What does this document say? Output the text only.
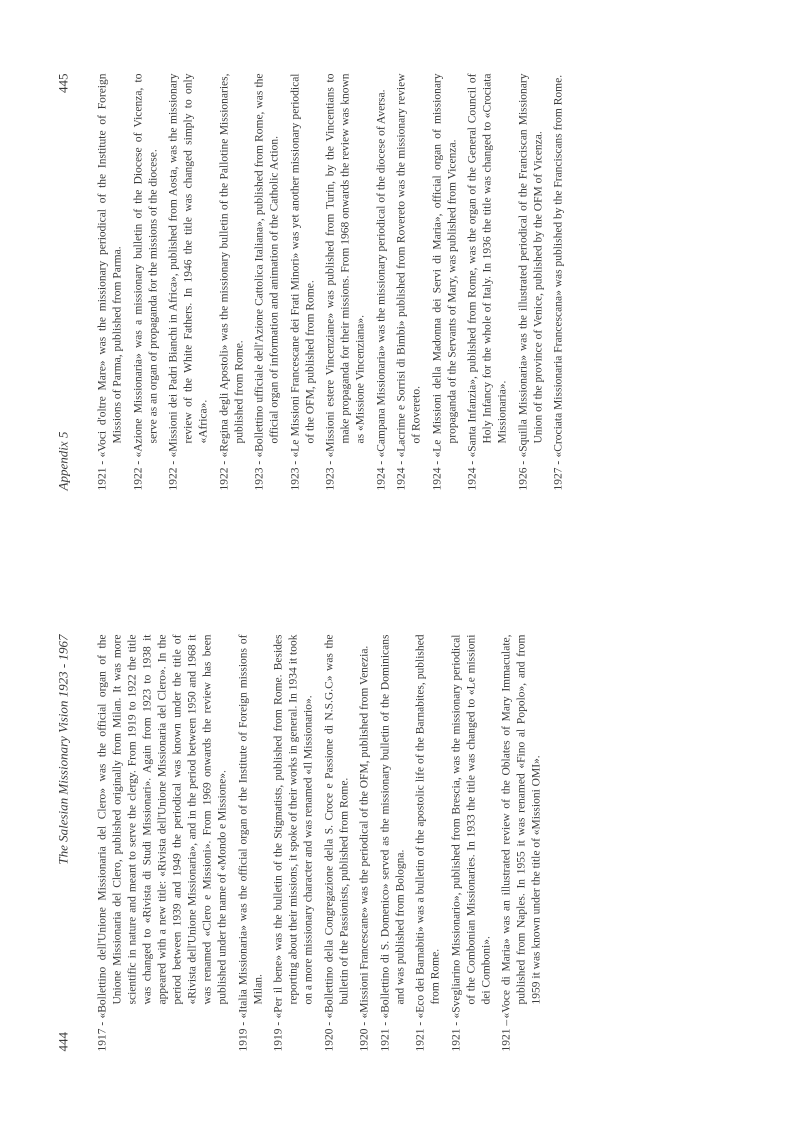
444
The Salesian Missionary Vision 1923 - 1967
1917 -
«Bollettino dell'Unione Missionaria del Clero» was the official organ of the Unione Missionaria del Clero, published originally from Milan. It was more scientific in nature and meant to serve the clergy. From 1919 to 1922 the title was changed to «Rivista di Studi Missionari». Again from 1923 to 1938 it appeared with a new title: «Rivista dell'Unione Missionaria del Clero». In the period between 1939 and 1949 the periodical was known under the title of «Rivista dell'Unione Missionaria», and in the period between 1950 and 1968 it was renamed «Clero e Missioni». From 1969 onwards the review has been published under the name of «Mondo e Missione».
1919 -
«Italia Missionaria» was the official organ of the Institute of Foreign missions of Milan.
1919 -
«Per il bene» was the bulletin of the Stigmatists, published from Rome. Besides reporting about their missions, it spoke of their works in general. In 1934 it took on a more missionary character and was renamed «Il Missionario».
1920 -
«Bollettino della Congregazione della S. Croce e Passione di N.S.G.C» was the bulletin of the Passionists, published from Rome.
1920 -
«Missioni Francescane» was the periodical of the OFM, published from Venezia.
1921 -
«Bollettino di S. Domenico» served as the missionary bulletin of the Dominicans and was published from Bologna.
1921 -
«Eco dei Barnabiti» was a bulletin of the apostolic life of the Barnabites, published from Rome.
1921 -
«Svegliarino Missionario», published from Brescia, was the missionary periodical of the Combonian Missionaries. In 1933 the title was changed to «Le missioni dei Comboni».
1921 –
«Voce di Maria» was an illustrated review of the Oblates of Mary Immaculate, published from Naples. In 1955 it was renamed «Fino al Popolo», and from 1959 it was known under the title of «Missioni OMI».
Appendix 5
445
1921 -
«Voci d'oltre Mare» was the missionary periodical of the Institute of Foreign Missions of Parma, published from Parma.
1922 -
«Azione Missionaria» was a missionary bulletin of the Diocese of Vicenza, to serve as an organ of propaganda for the missions of the diocese.
1922 -
«Missioni dei Padri Bianchi in Africa», published from Aosta, was the missionary review of the White Fathers. In 1946 the title was changed simply to only «Africa».
1922 -
«Regina degli Apostoli» was the missionary bulletin of the Pallotine Missionaries, published from Rome.
1923 -
«Bollettino ufficiale dell'Azione Cattolica Italiana», published from Rome, was the official organ of information and animation of the Catholic Action.
1923 -
«Le Missioni Francescane dei Frati Minori» was yet another missionary periodical of the OFM, published from Rome.
1923 -
«Missioni estere Vincenziane» was published from Turin, by the Vincentians to make propaganda for their missions. From 1968 onwards the review was known as «Missione Vincenziana».
1924 -
«Campana Missionaria» was the missionary periodical of the diocese of Aversa.
1924 -
«Lacrime e Sorrisi di Bimbi» published from Rovereto was the missionary review of Rovereto.
1924 -
«Le Missioni della Madonna dei Servi di Maria», official organ of missionary propaganda of the Servants of Mary, was published from Vicenza.
1924 -
«Santa Infanzia», published from Rome, was the organ of the General Council of Holy Infancy for the whole of Italy. In 1936 the title was changed to «Crociata Missionaria».
1926 -
«Squilla Missionaria» was the illustrated periodical of the Franciscan Missionary Union of the province of Venice, published by the OFM of Vicenza.
1927 -
«Crociata Missionaria Francescana» was published by the Franciscans from Rome.
